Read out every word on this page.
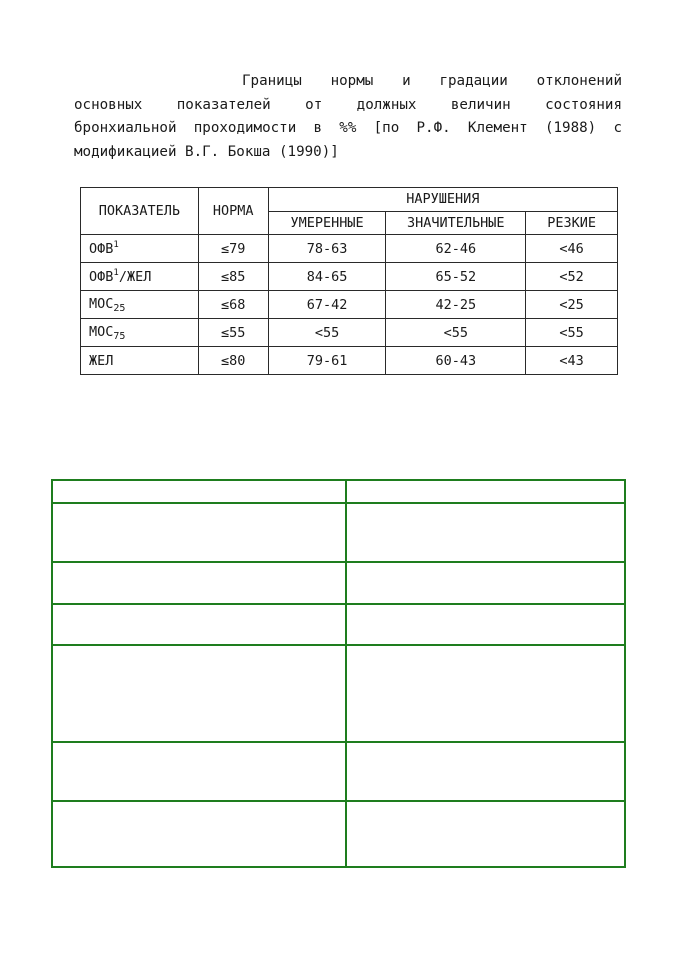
Границы нормы и градации отклонений
основных показателей от должных величин состояния
бронхиальной проходимости в %% [по Р.Ф. Клемент (1988) с
модификацией В.Г. Бокша (1990)]
ПОКАЗАТЕЛЬ	НОРМА	НАРУШЕНИЯ		
		УМЕРЕННЫЕ	ЗНАЧИТЕЛЬНЫЕ	РЕЗКИЕ
$ОФВ^1$	≤79	78-63	62-46	<46
$ОФВ^1$/ЖЕЛ	≤85	84-65	65-52	<52
$МОС_{25}$	≤68	67-42	42-25	<25
$МОС_{75}$	≤55	<55	<55	<55
ЖЕЛ	≤80	79-61	60-43	<43
